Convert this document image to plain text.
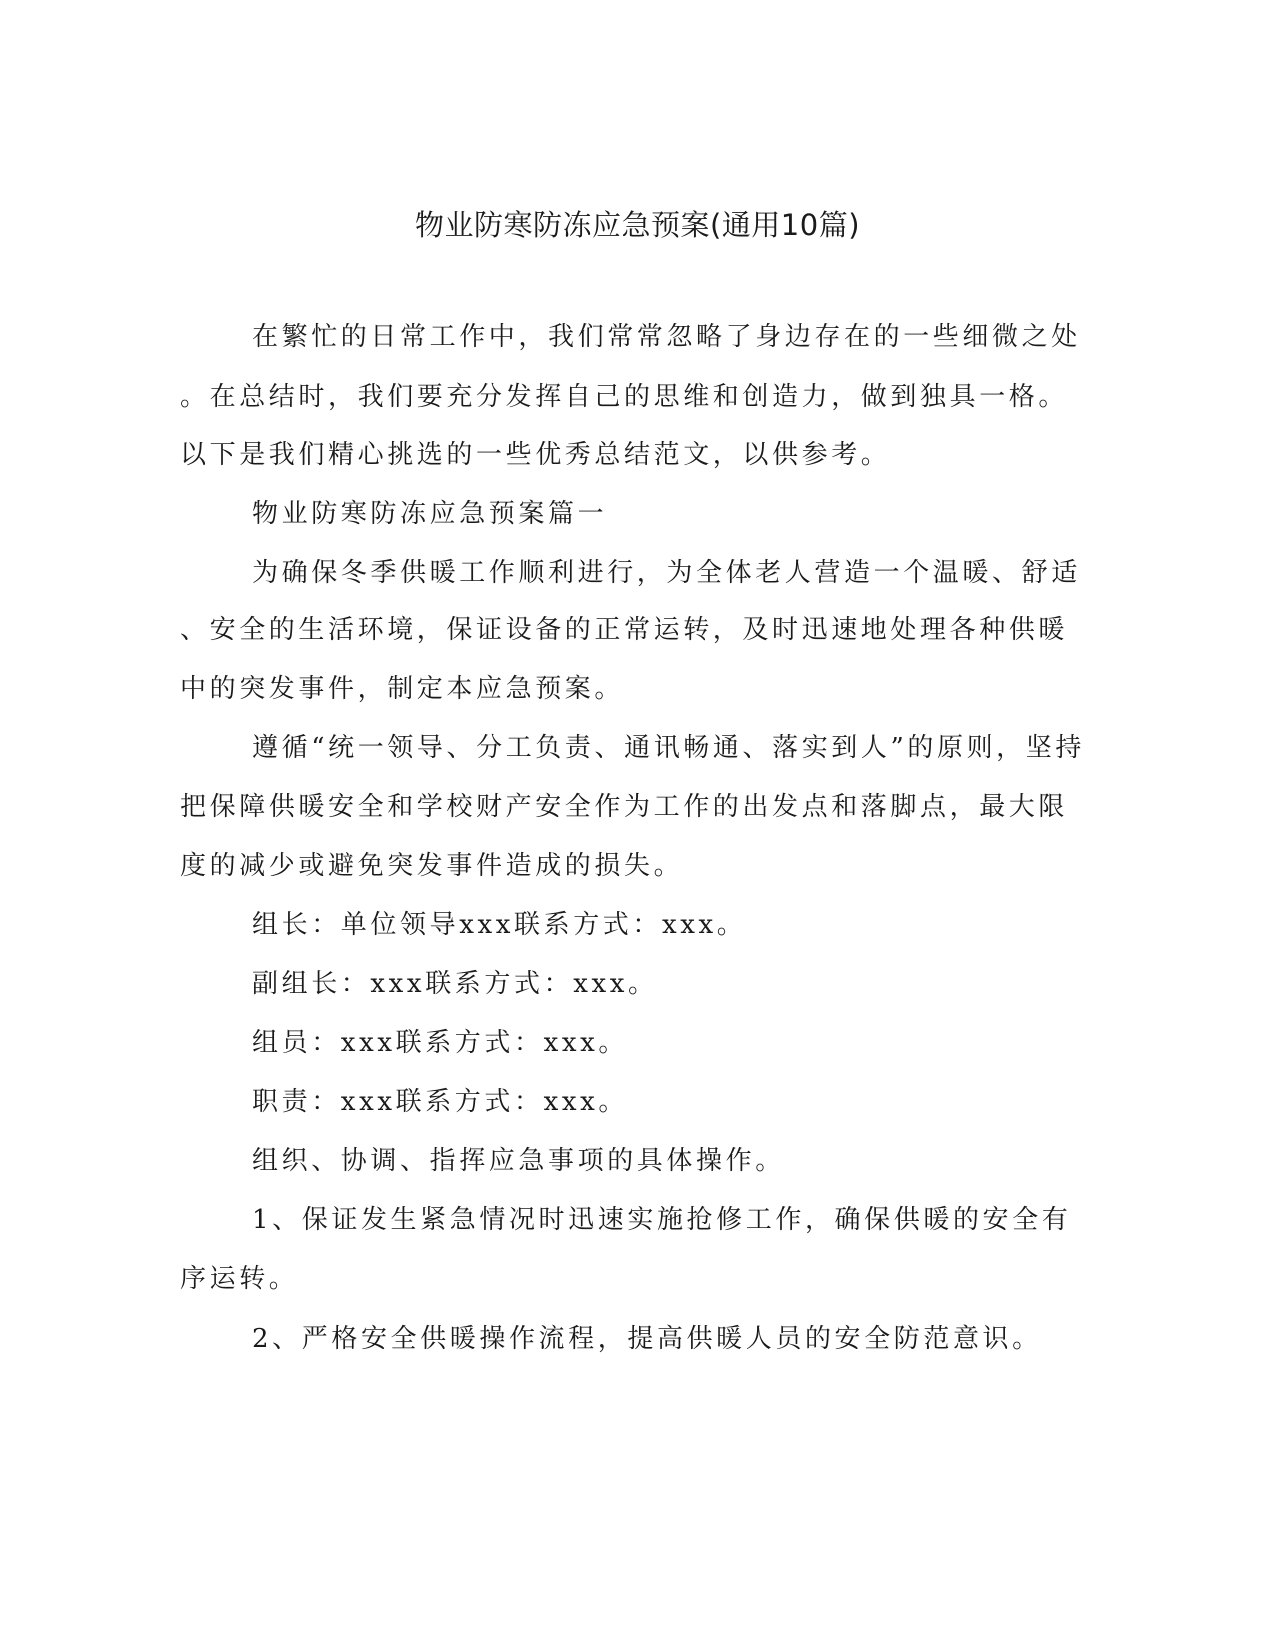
物业防寒防冻应急预案(通用10篇)
在繁忙的日常工作中，我们常常忽略了身边存在的一些细微之处
。在总结时，我们要充分发挥自己的思维和创造力，做到独具一格。
以下是我们精心挑选的一些优秀总结范文，以供参考。
物业防寒防冻应急预案篇一
为确保冬季供暖工作顺利进行，为全体老人营造一个温暖、舒适
、安全的生活环境，保证设备的正常运转，及时迅速地处理各种供暖
中的突发事件，制定本应急预案。
遵循“统一领导、分工负责、通讯畅通、落实到人”的原则，坚持
把保障供暖安全和学校财产安全作为工作的出发点和落脚点，最大限
度的减少或避免突发事件造成的损失。
组长：单位领导xxx联系方式：xxx。
副组长：xxx联系方式：xxx。
组员：xxx联系方式：xxx。
职责：xxx联系方式：xxx。
组织、协调、指挥应急事项的具体操作。
1、保证发生紧急情况时迅速实施抢修工作，确保供暖的安全有
序运转。
2、严格安全供暖操作流程，提高供暖人员的安全防范意识。
